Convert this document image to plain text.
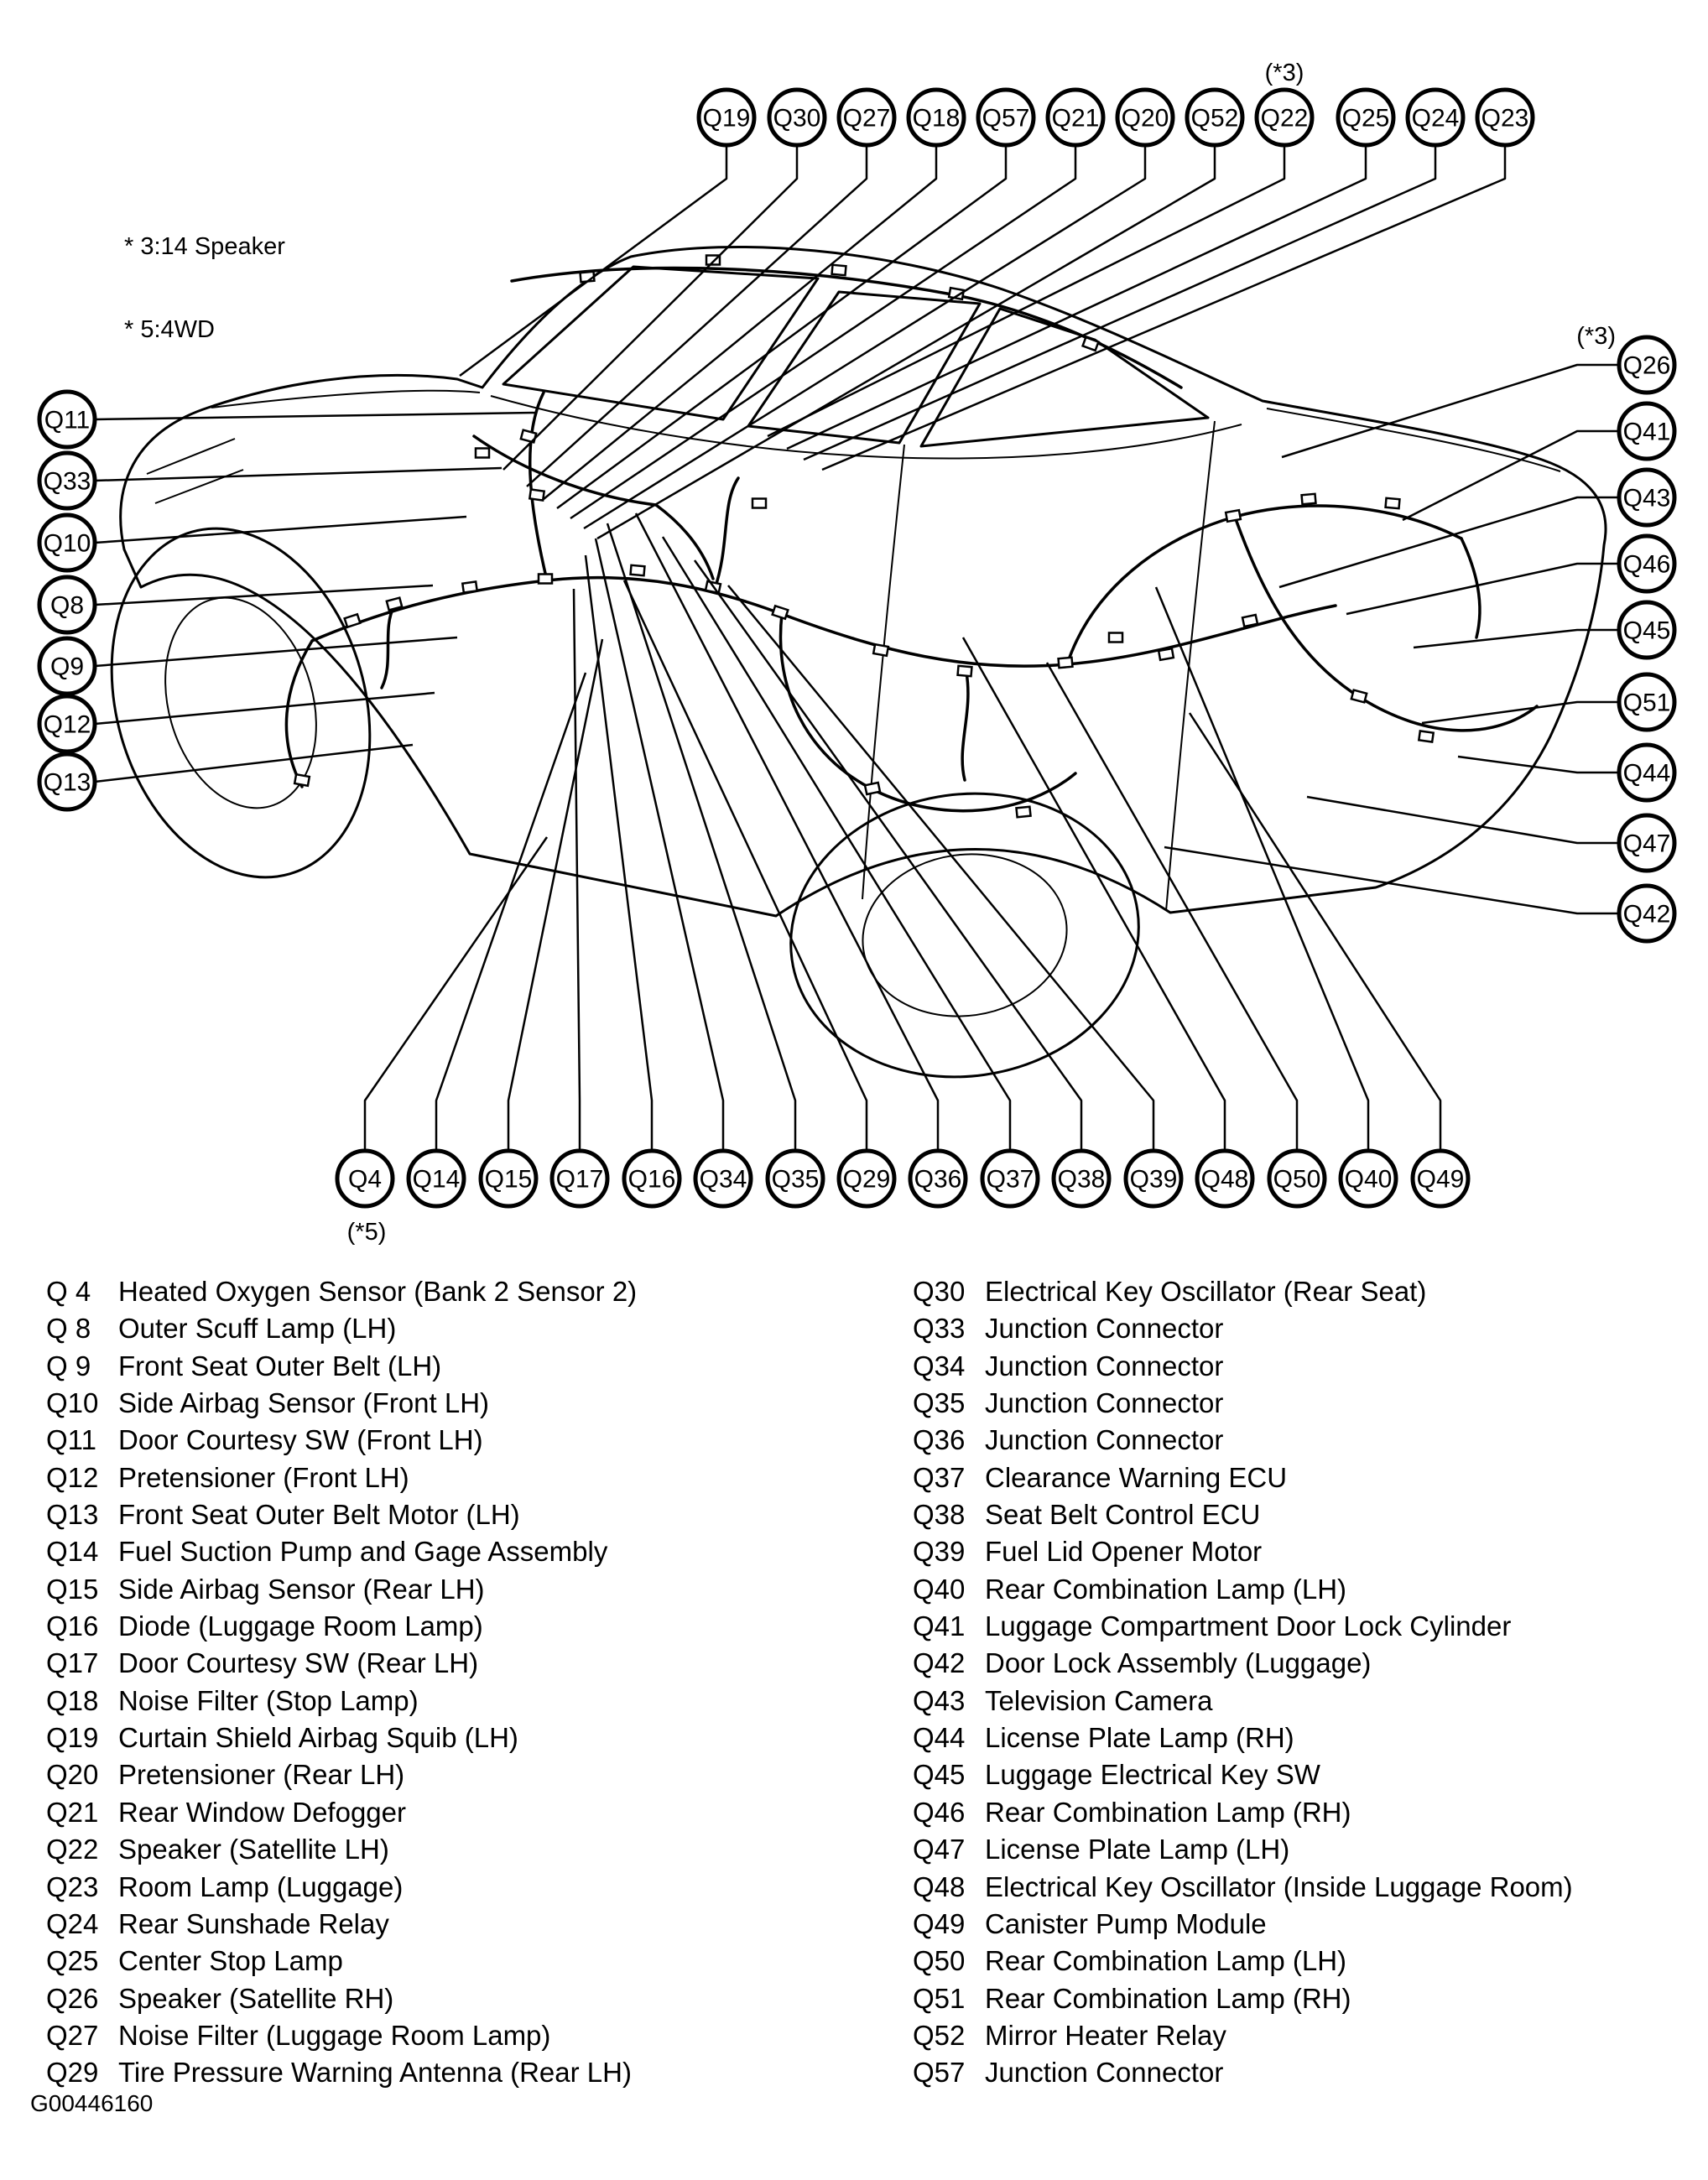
Q19 Q30 Q27 Q18 Q57 Q21 Q20 Q52 Q22 Q25 Q24 Q23
Q11
Q33
Q10
Q8
Q9
Q12
Q13
Q26
Q41
Q43
Q46
Q45
Q51
Q44
Q47
Q42
Q4 Q14 Q15 Q17 Q16 Q34 Q35 Q29 Q36 Q37 Q38 Q39 Q48 Q50 Q40 Q49
(*3)
(*3)
(*5)

* 3:14 Speaker

* 5:4WD

Q 4 Heated Oxygen Sensor (Bank 2 Sensor 2)
Q 8 Outer Scuff Lamp (LH)
Q 9 Front Seat Outer Belt (LH)
Q10 Side Airbag Sensor (Front LH)
Q11 Door Courtesy SW (Front LH)
Q12 Pretensioner (Front LH)
Q13 Front Seat Outer Belt Motor (LH)
Q14 Fuel Suction Pump and Gage Assembly
Q15 Side Airbag Sensor (Rear LH)
Q16 Diode (Luggage Room Lamp)
Q17 Door Courtesy SW (Rear LH)
Q18 Noise Filter (Stop Lamp)
Q19 Curtain Shield Airbag Squib (LH)
Q20 Pretensioner (Rear LH)
Q21 Rear Window Defogger
Q22 Speaker (Satellite LH)
Q23 Room Lamp (Luggage)
Q24 Rear Sunshade Relay
Q25 Center Stop Lamp
Q26 Speaker (Satellite RH)
Q27 Noise Filter (Luggage Room Lamp)
Q29 Tire Pressure Warning Antenna (Rear LH)
Q30 Electrical Key Oscillator (Rear Seat)
Q33 Junction Connector
Q34 Junction Connector
Q35 Junction Connector
Q36 Junction Connector
Q37 Clearance Warning ECU
Q38 Seat Belt Control ECU
Q39 Fuel Lid Opener Motor
Q40 Rear Combination Lamp (LH)
Q41 Luggage Compartment Door Lock Cylinder
Q42 Door Lock Assembly (Luggage)
Q43 Television Camera
Q44 License Plate Lamp (RH)
Q45 Luggage Electrical Key SW
Q46 Rear Combination Lamp (RH)
Q47 License Plate Lamp (LH)
Q48 Electrical Key Oscillator (Inside Luggage Room)
Q49 Canister Pump Module
Q50 Rear Combination Lamp (LH)
Q51 Rear Combination Lamp (RH)
Q52 Mirror Heater Relay
Q57 Junction Connector
G00446160
